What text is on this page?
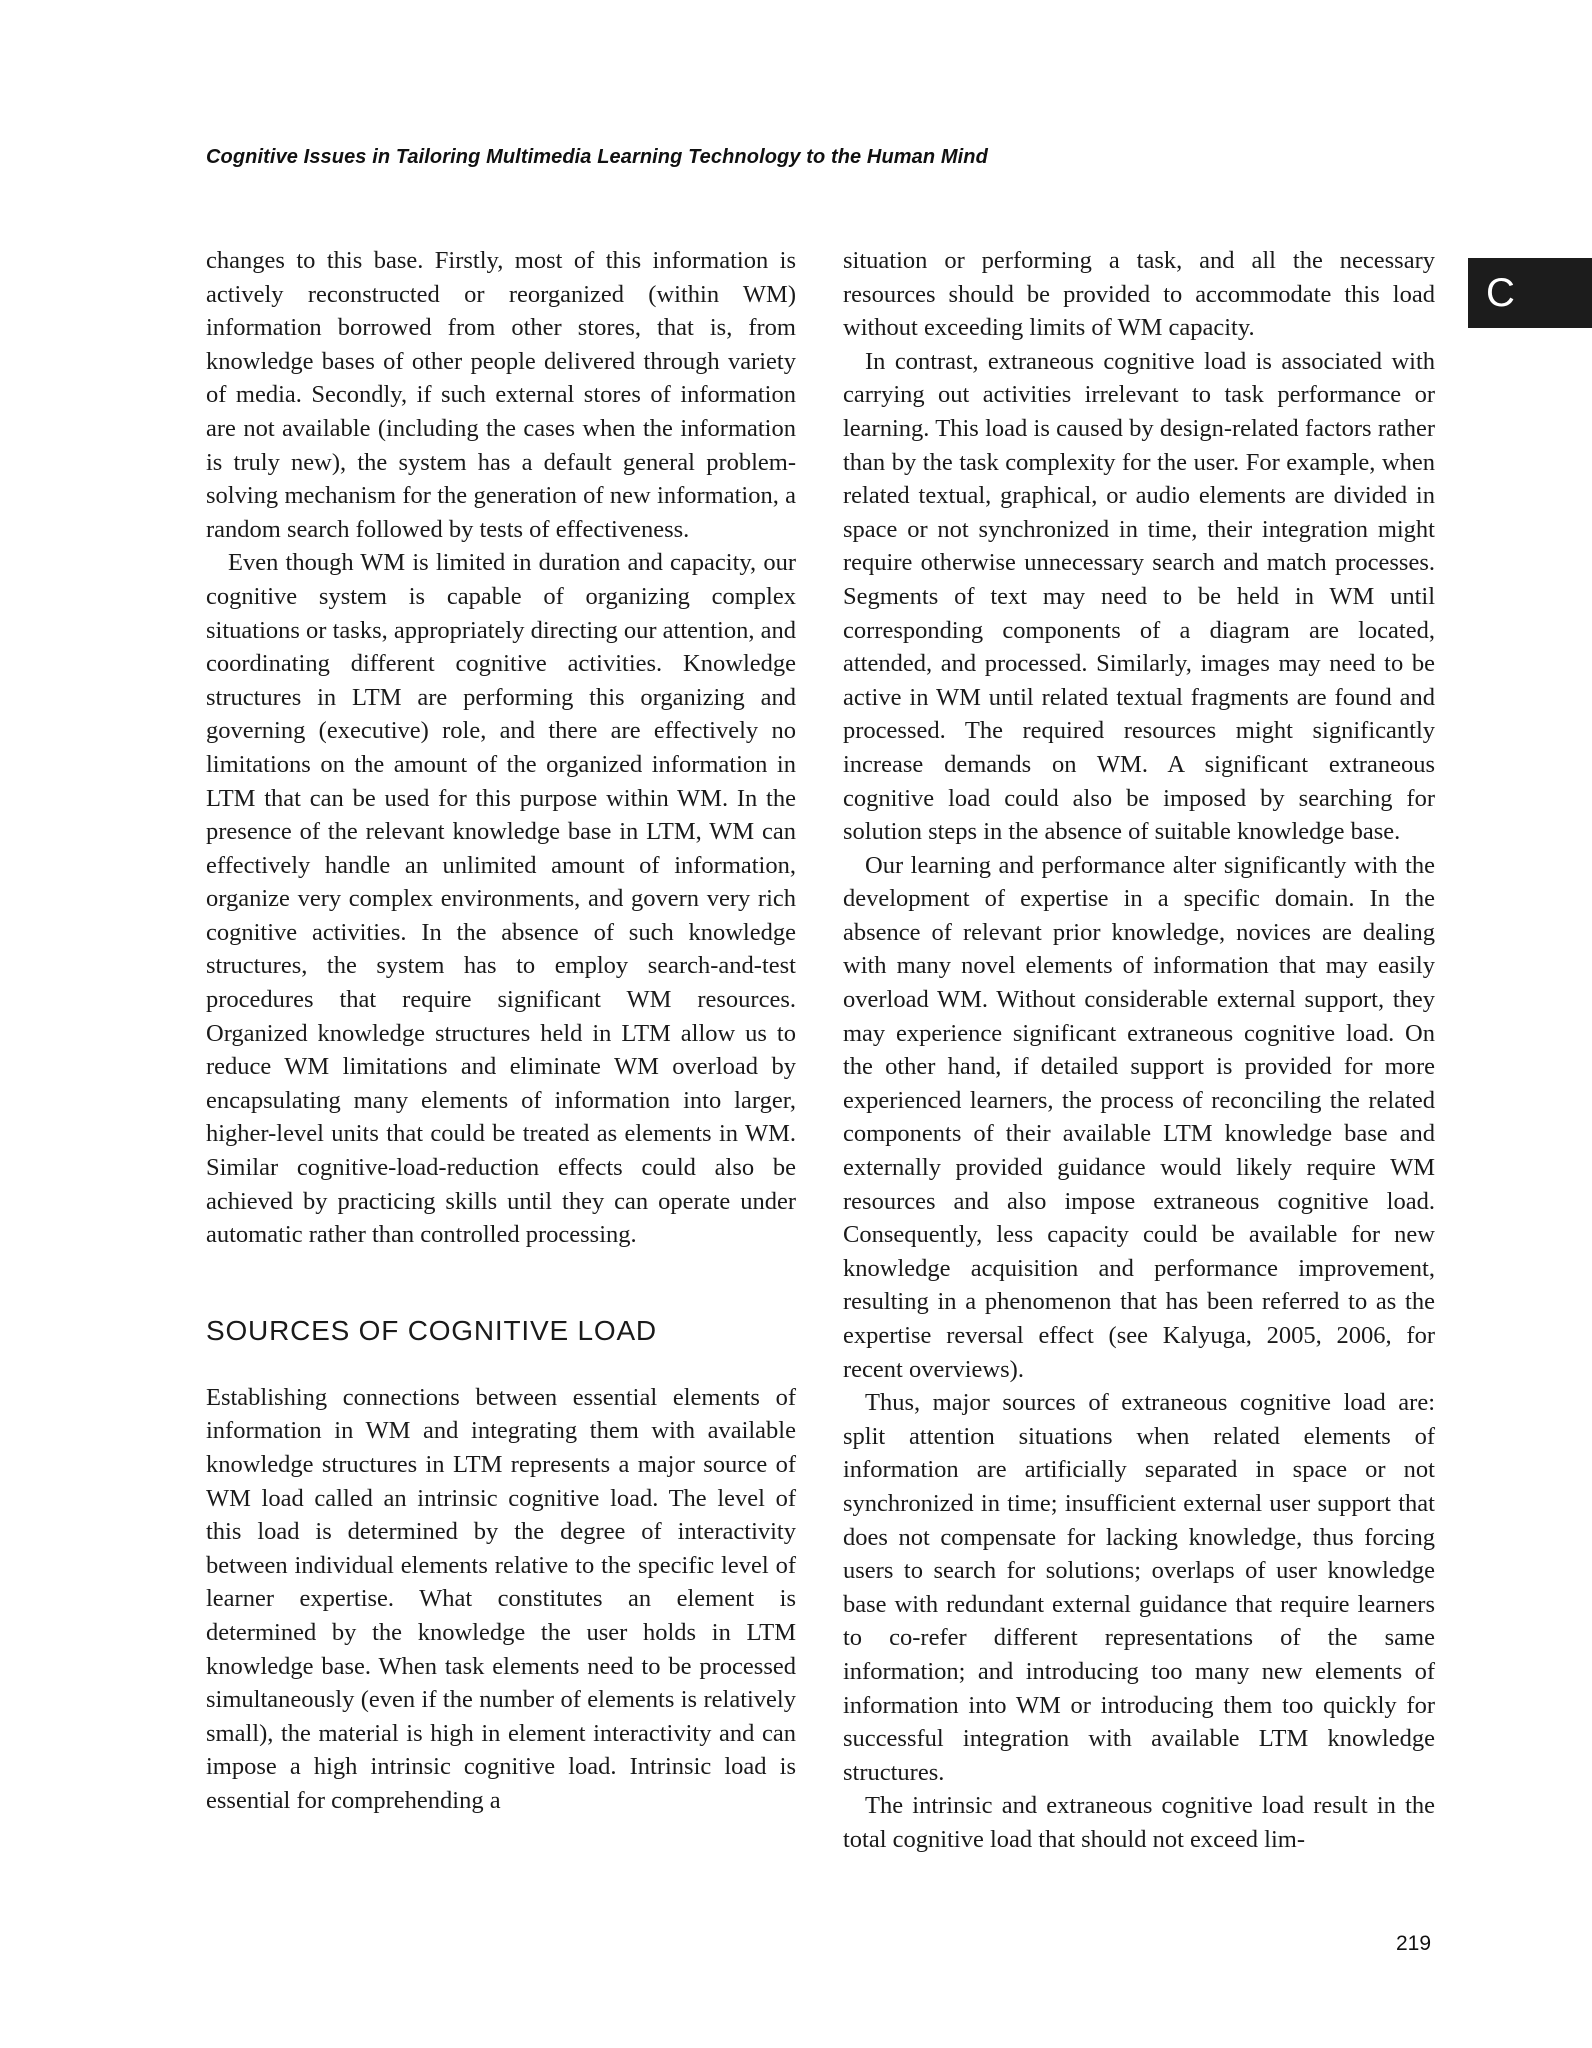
Cognitive Issues in Tailoring Multimedia Learning Technology to the Human Mind
C

changes to this base. Firstly, most of this information is actively reconstructed or reorganized (within WM) information borrowed from other stores, that is, from knowledge bases of other people delivered through variety of media. Secondly, if such external stores of information are not available (including the cases when the information is truly new), the system has a default general problem-solving mechanism for the generation of new information, a random search followed by tests of effectiveness.

Even though WM is limited in duration and capacity, our cognitive system is capable of organizing complex situations or tasks, appropriately directing our attention, and coordinating different cognitive activities. Knowledge structures in LTM are performing this organizing and governing (executive) role, and there are effectively no limitations on the amount of the organized information in LTM that can be used for this purpose within WM. In the presence of the relevant knowledge base in LTM, WM can effectively handle an unlimited amount of information, organize very complex environments, and govern very rich cognitive activities. In the absence of such knowledge structures, the system has to employ search-and-test procedures that require significant WM resources. Organized knowledge structures held in LTM allow us to reduce WM limitations and eliminate WM overload by encapsulating many elements of information into larger, higher-level units that could be treated as elements in WM. Similar cognitive-load-reduction effects could also be achieved by practicing skills until they can operate under automatic rather than controlled processing.

SOURCES OF COGNITIVE LOAD

Establishing connections between essential elements of information in WM and integrating them with available knowledge structures in LTM represents a major source of WM load called an intrinsic cognitive load. The level of this load is determined by the degree of interactivity between individual elements relative to the specific level of learner expertise. What constitutes an element is determined by the knowledge the user holds in LTM knowledge base. When task elements need to be processed simultaneously (even if the number of elements is relatively small), the material is high in element interactivity and can impose a high intrinsic cognitive load. Intrinsic load is essential for comprehending a

situation or performing a task, and all the necessary resources should be provided to accommodate this load without exceeding limits of WM capacity.

In contrast, extraneous cognitive load is associated with carrying out activities irrelevant to task performance or learning. This load is caused by design-related factors rather than by the task complexity for the user. For example, when related textual, graphical, or audio elements are divided in space or not synchronized in time, their integration might require otherwise unnecessary search and match processes. Segments of text may need to be held in WM until corresponding components of a diagram are located, attended, and processed. Similarly, images may need to be active in WM until related textual fragments are found and processed. The required resources might significantly increase demands on WM. A significant extraneous cognitive load could also be imposed by searching for solution steps in the absence of suitable knowledge base.

Our learning and performance alter significantly with the development of expertise in a specific domain. In the absence of relevant prior knowledge, novices are dealing with many novel elements of information that may easily overload WM. Without considerable external support, they may experience significant extraneous cognitive load. On the other hand, if detailed support is provided for more experienced learners, the process of reconciling the related components of their available LTM knowledge base and externally provided guidance would likely require WM resources and also impose extraneous cognitive load. Consequently, less capacity could be available for new knowledge acquisition and performance improvement, resulting in a phenomenon that has been referred to as the expertise reversal effect (see Kalyuga, 2005, 2006, for recent overviews).

Thus, major sources of extraneous cognitive load are: split attention situations when related elements of information are artificially separated in space or not synchronized in time; insufficient external user support that does not compensate for lacking knowledge, thus forcing users to search for solutions; overlaps of user knowledge base with redundant external guidance that require learners to co-refer different representations of the same information; and introducing too many new elements of information into WM or introducing them too quickly for successful integration with available LTM knowledge structures.

The intrinsic and extraneous cognitive load result in the total cognitive load that should not exceed lim-

219
